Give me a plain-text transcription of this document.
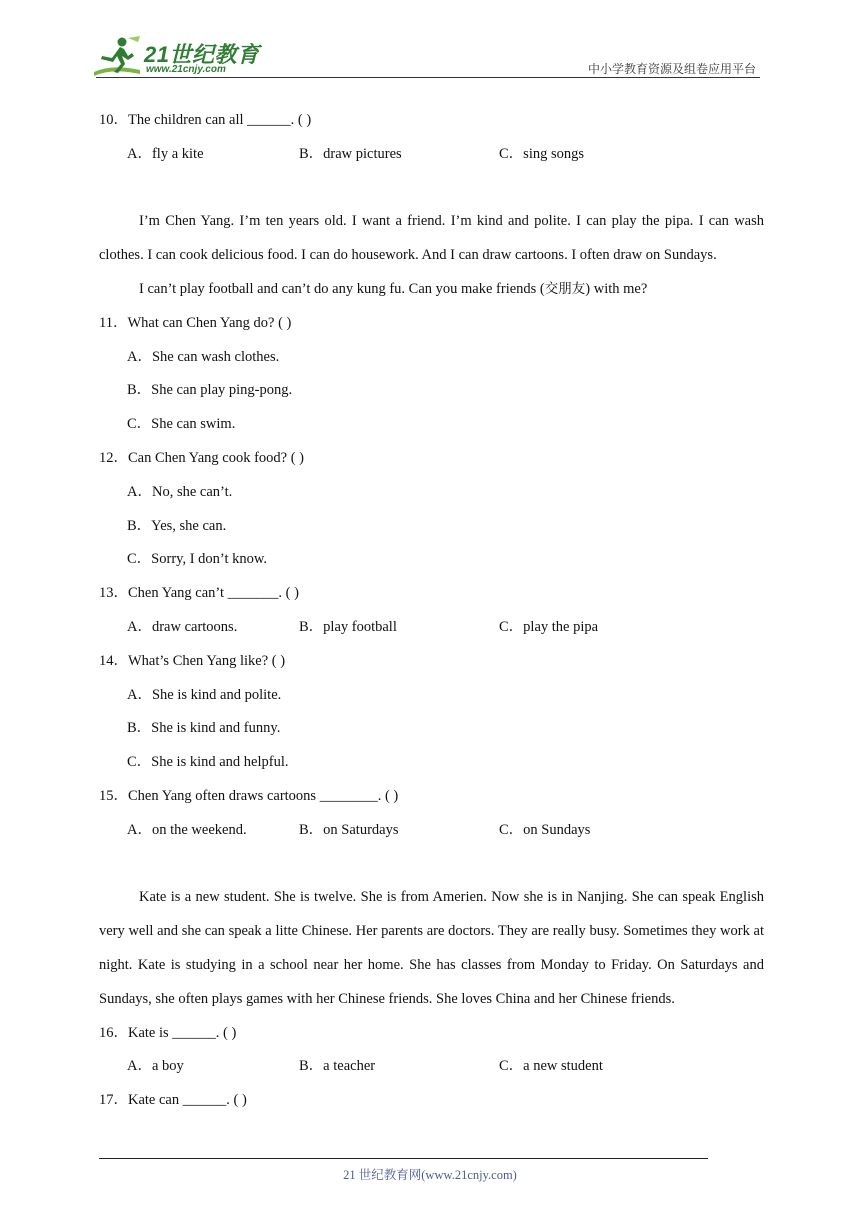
21世纪教育
www.21cnjy.com	中小学教育资源及组卷应用平台
10．The children can all ______. ( )
A．fly a kite	B．draw pictures	C．sing songs
I’m Chen Yang. I’m ten years old. I want a friend. I’m kind and polite. I can play the pipa. I can wash clothes. I can cook delicious food. I can do housework. And I can draw cartoons. I often draw on Sundays.
I can’t play football and can’t do any kung fu. Can you make friends (交朋友) with me?
11．What can Chen Yang do? ( )
A．She can wash clothes.
B．She can play ping-pong.
C．She can swim.
12．Can Chen Yang cook food? ( )
A．No, she can’t.
B．Yes, she can.
C．Sorry, I don’t know.
13．Chen Yang can’t _______. ( )
A．draw cartoons.	B．play football	C．play the pipa
14．What’s Chen Yang like? ( )
A．She is kind and polite.
B．She is kind and funny.
C．She is kind and helpful.
15．Chen Yang often draws cartoons ________. ( )
A．on the weekend.	B．on Saturdays	C．on Sundays
Kate is a new student. She is twelve. She is from Amerien. Now she is in Nanjing. She can speak English very well and she can speak a litte Chinese. Her parents are doctors. They are really busy. Sometimes they work at night. Kate is studying in a school near her home. She has classes from Monday to Friday. On Saturdays and Sundays, she often plays games with her Chinese friends. She loves China and her Chinese friends.
16．Kate is ______. ( )
A．a boy	B．a teacher	C．a new student
17．Kate can ______. ( )
21 世纪教育网(www.21cnjy.com)
